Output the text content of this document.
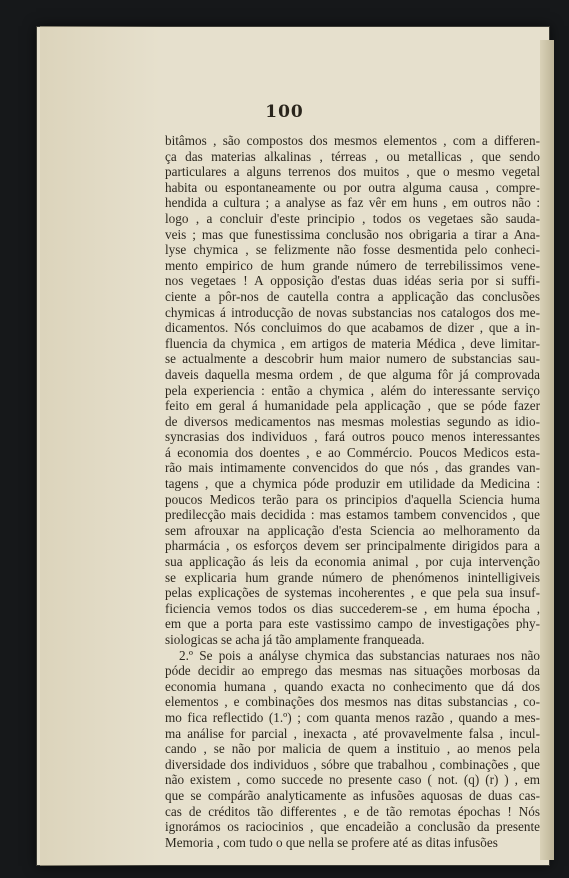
100
bitâmos , são compostos dos mesmos elementos , com a differen-
ça das materias alkalinas , térreas , ou metallicas , que sendo
particulares a alguns terrenos dos muitos , que o mesmo vegetal
habita ou espontaneamente ou por outra alguma causa , compre-
hendida a cultura ; a analyse as faz vêr em huns , em outros não :
logo , a concluir d'este principio , todos os vegetaes são sauda-
veis ; mas que funestissima conclusão nos obrigaria a tirar a Ana-
lyse chymica , se felizmente não fosse desmentida pelo conheci-
mento empirico de hum grande número de terrebilissimos vene-
nos vegetaes ! A opposição d'estas duas idéas seria por si suffi-
ciente a pôr-nos de cautella contra a applicação das conclusões
chymicas á introducção de novas substancias nos catalogos dos me-
dicamentos. Nós concluimos do que acabamos de dizer , que a in-
fluencia da chymica , em artigos de materia Médica , deve limitar-
se actualmente a descobrir hum maior numero de substancias sau-
daveis daquella mesma ordem , de que alguma fôr já comprovada
pela experiencia : então a chymica , além do interessante serviço
feito em geral á humanidade pela applicação , que se póde fazer
de diversos medicamentos nas mesmas molestias segundo as idio-
syncrasias dos individuos , fará outros pouco menos interessantes
á economia dos doentes , e ao Commércio. Poucos Medicos esta-
rão mais intimamente convencidos do que nós , das grandes van-
tagens , que a chymica póde produzir em utilidade da Medicina :
poucos Medicos terão para os principios d'aquella Sciencia huma
predilecção mais decidida : mas estamos tambem convencidos , que
sem afrouxar na applicação d'esta Sciencia ao melhoramento da
pharmácia , os esforços devem ser principalmente dirigidos para a
sua applicação ás leis da economia animal , por cuja intervenção
se explicaria hum grande número de phenómenos inintelligiveis
pelas explicações de systemas incoherentes , e que pela sua insuf-
ficiencia vemos todos os dias succederem-se , em huma épocha ,
em que a porta para este vastissimo campo de investigações phy-
siologicas se acha já tão amplamente franqueada.
2.º Se pois a anályse chymica das substancias naturaes nos não
póde decidir ao emprego das mesmas nas situações morbosas da
economia humana , quando exacta no conhecimento que dá dos
elementos , e combinações dos mesmos nas ditas substancias , co-
mo fica reflectido (1.º) ; com quanta menos razão , quando a mes-
ma análise for parcial , inexacta , até provavelmente falsa , incul-
cando , se não por malicia de quem a instituio , ao menos pela
diversidade dos individuos , sóbre que trabalhou , combinações , que
não existem , como succede no presente caso ( not. (q) (r) ) , em
que se compárão analyticamente as infusões aquosas de duas cas-
cas de créditos tão differentes , e de tão remotas épochas ! Nós
ignorámos os raciocinios , que encadeião a conclusão da presente
Memoria , com tudo o que nella se profere até as ditas infusões
